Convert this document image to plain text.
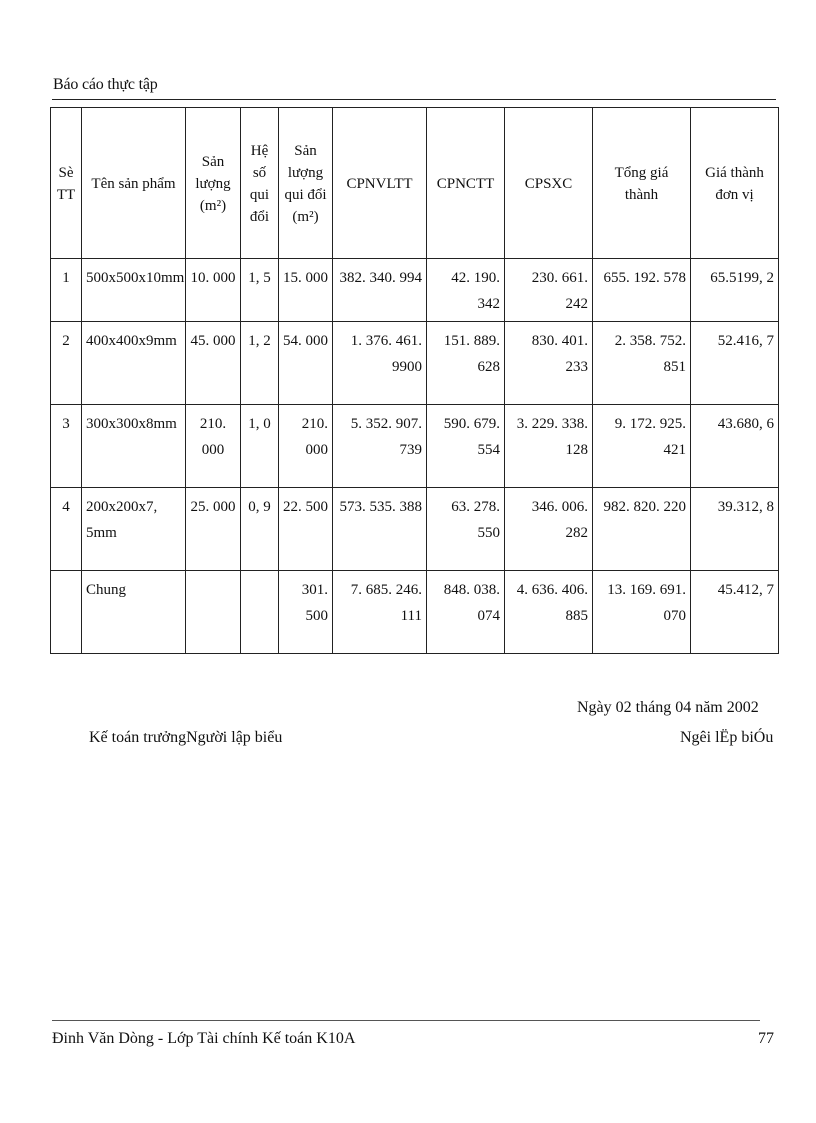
Báo cáo thực tập
Sè TT	Tên sản phẩm	Sản lượng (m²)	Hệ số qui đổi	Sản lượng qui đổi (m²)	CPNVLTT	CPNCTT	CPSXC	Tổng giá thành	Giá thành đơn vị
1	500x500x10mm	10. 000	1, 5	15. 000	382. 340. 994	42. 190. 342	230. 661. 242	655. 192. 578	65.5199, 2
2	400x400x9mm	45. 000	1, 2	54. 000	1. 376. 461. 9900	151. 889. 628	830. 401. 233	2. 358. 752. 851	52.416, 7
3	300x300x8mm	210. 000	1, 0	210. 000	5. 352. 907. 739	590. 679. 554	3. 229. 338. 128	9. 172. 925. 421	43.680, 6
4	200x200x7, 5mm	25. 000	0, 9	22. 500	573. 535. 388	63. 278. 550	346. 006. 282	982. 820. 220	39.312, 8
	Chung			301. 500	7. 685. 246. 111	848. 038. 074	4. 636. 406. 885	13. 169. 691. 070	45.412, 7
Ngày 02 tháng 04 năm 2002
Kế toán trưởngNgười lập biểu	Ngêi lËp biÓu
Đinh Văn Dòng - Lớp Tài chính Kế toán K10A	77
